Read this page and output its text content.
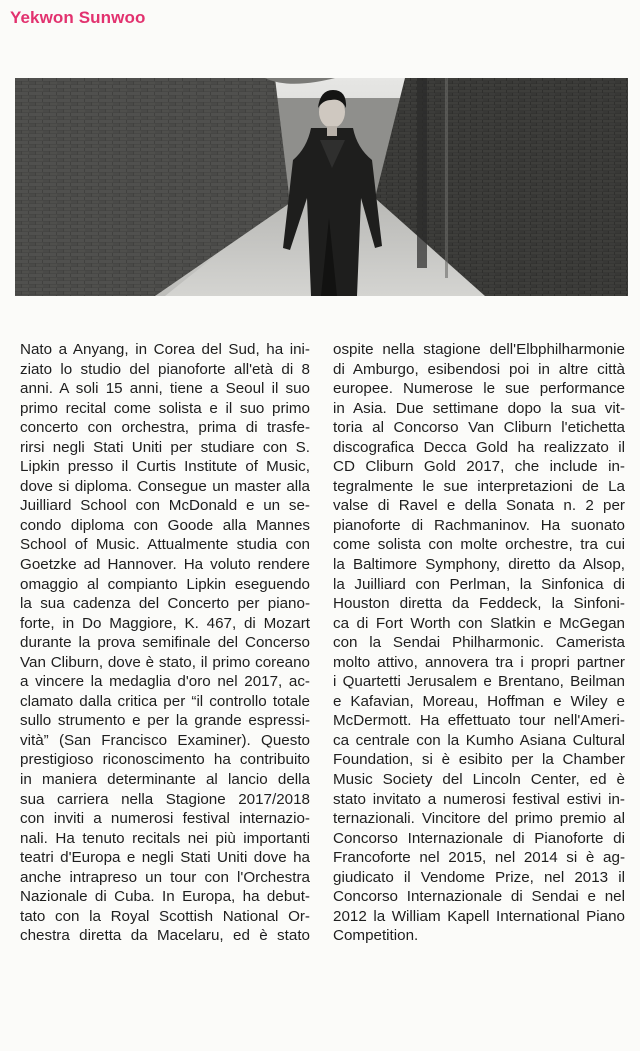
Yekwon Sunwoo
Nato a Anyang, in Corea del Sud, ha ini-
ziato lo studio del pianoforte all'età di 8
anni. A soli 15 anni, tiene a Seoul il suo
primo recital come solista e il suo primo
concerto con orchestra, prima di trasfe-
rirsi negli Stati Uniti per studiare con S.
Lipkin presso il Curtis Institute of Music,
dove si diploma. Consegue un master alla
Juilliard School con McDonald e un se-
condo diploma con Goode alla Mannes
School of Music. Attualmente studia con
Goetzke ad Hannover. Ha voluto rendere
omaggio al compianto Lipkin eseguendo
la sua cadenza del Concerto per piano-
forte, in Do Maggiore, K. 467, di Mozart
durante la prova semifinale del Concerso
Van Cliburn, dove è stato, il primo coreano
a vincere la medaglia d'oro nel 2017, ac-
clamato dalla critica per “il controllo totale
sullo strumento e per la grande espressi-
vità” (San Francisco Examiner). Questo
prestigioso riconoscimento ha contribuito
in maniera determinante al lancio della
sua carriera nella Stagione 2017/2018
con inviti a numerosi festival internazio-
nali. Ha tenuto recitals nei più importanti
teatri d'Europa e negli Stati Uniti dove ha
anche intrapreso un tour con l'Orchestra
Nazionale di Cuba. In Europa, ha debut-
tato con la Royal Scottish National Or-
chestra diretta da Macelaru, ed è stato
ospite nella stagione dell'Elbphilharmonie
di Amburgo, esibendosi poi in altre città
europee. Numerose le sue performance
in Asia. Due settimane dopo la sua vit-
toria al Concorso Van Cliburn l'etichetta
discografica Decca Gold ha realizzato il
CD Cliburn Gold 2017, che include in-
tegralmente le sue interpretazioni de La
valse di Ravel e della Sonata n. 2 per
pianoforte di Rachmaninov. Ha suonato
come solista con molte orchestre, tra cui
la Baltimore Symphony, diretto da Alsop,
la Juilliard con Perlman, la Sinfonica di
Houston diretta da Feddeck, la Sinfoni-
ca di Fort Worth con Slatkin e McGegan
con la Sendai Philharmonic. Camerista
molto attivo, annovera tra i propri partner
i Quartetti Jerusalem e Brentano, Beilman
e Kafavian, Moreau, Hoffman e Wiley e
McDermott. Ha effettuato tour nell'Ameri-
ca centrale con la Kumho Asiana Cultural
Foundation, si è esibito per la Chamber
Music Society del Lincoln Center, ed è
stato invitato a numerosi festival estivi in-
ternazionali. Vincitore del primo premio al
Concorso Internazionale di Pianoforte di
Francoforte nel 2015, nel 2014 si è ag-
giudicato il Vendome Prize, nel 2013 il
Concorso Internazionale di Sendai e nel
2012 la William Kapell International Piano
Competition.
